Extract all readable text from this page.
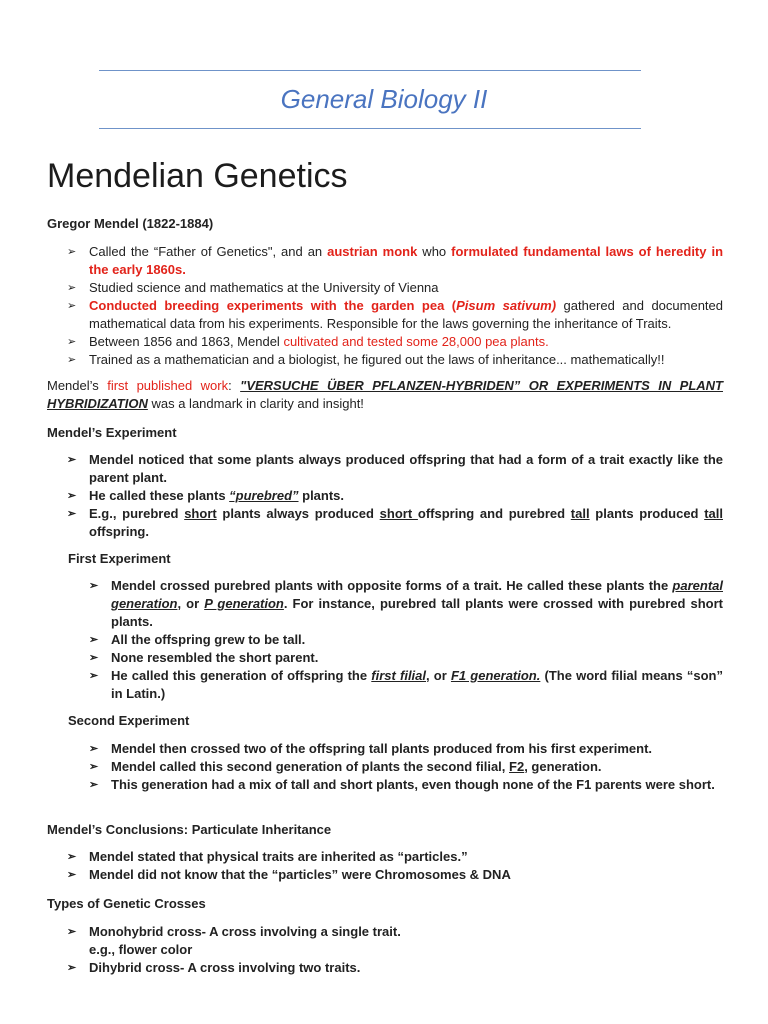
General Biology II
Mendelian Genetics
Gregor Mendel (1822-1884)
➢ Called the “Father of Genetics", and an austrian monk who formulated fundamental laws of heredity in the early 1860s.
➢ Studied science and mathematics at the University of Vienna
➢ Conducted breeding experiments with the garden pea (Pisum sativum) gathered and documented mathematical data from his experiments. Responsible for the laws governing the inheritance of Traits.
➢ Between 1856 and 1863, Mendel cultivated and tested some 28,000 pea plants.
➢ Trained as a mathematician and a biologist, he figured out the laws of inheritance... mathematically!!
Mendel’s first published work: "VERSUCHE ÜBER PFLANZEN-HYBRIDEN” OR EXPERIMENTS IN PLANT HYBRIDIZATION was a landmark in clarity and insight!
Mendel’s Experiment
➢ Mendel noticed that some plants always produced offspring that had a form of a trait exactly like the parent plant.
➢ He called these plants “purebred” plants.
➢ E.g., purebred short plants always produced short offspring and purebred tall plants produced tall offspring.
First Experiment
➢ Mendel crossed purebred plants with opposite forms of a trait. He called these plants the parental generation, or P generation. For instance, purebred tall plants were crossed with purebred short plants.
➢ All the offspring grew to be tall.
➢ None resembled the short parent.
➢ He called this generation of offspring the first filial, or F1 generation. (The word filial means “son” in Latin.)
Second Experiment
➢ Mendel then crossed two of the offspring tall plants produced from his first experiment.
➢ Mendel called this second generation of plants the second filial, F2, generation.
➢ This generation had a mix of tall and short plants, even though none of the F1 parents were short.
Mendel’s Conclusions: Particulate Inheritance
➢ Mendel stated that physical traits are inherited as “particles.”
➢ Mendel did not know that the “particles” were Chromosomes & DNA
Types of Genetic Crosses
➢ Monohybrid cross- A cross involving a single trait.
e.g., flower color
➢ Dihybrid cross- A cross involving two traits.
